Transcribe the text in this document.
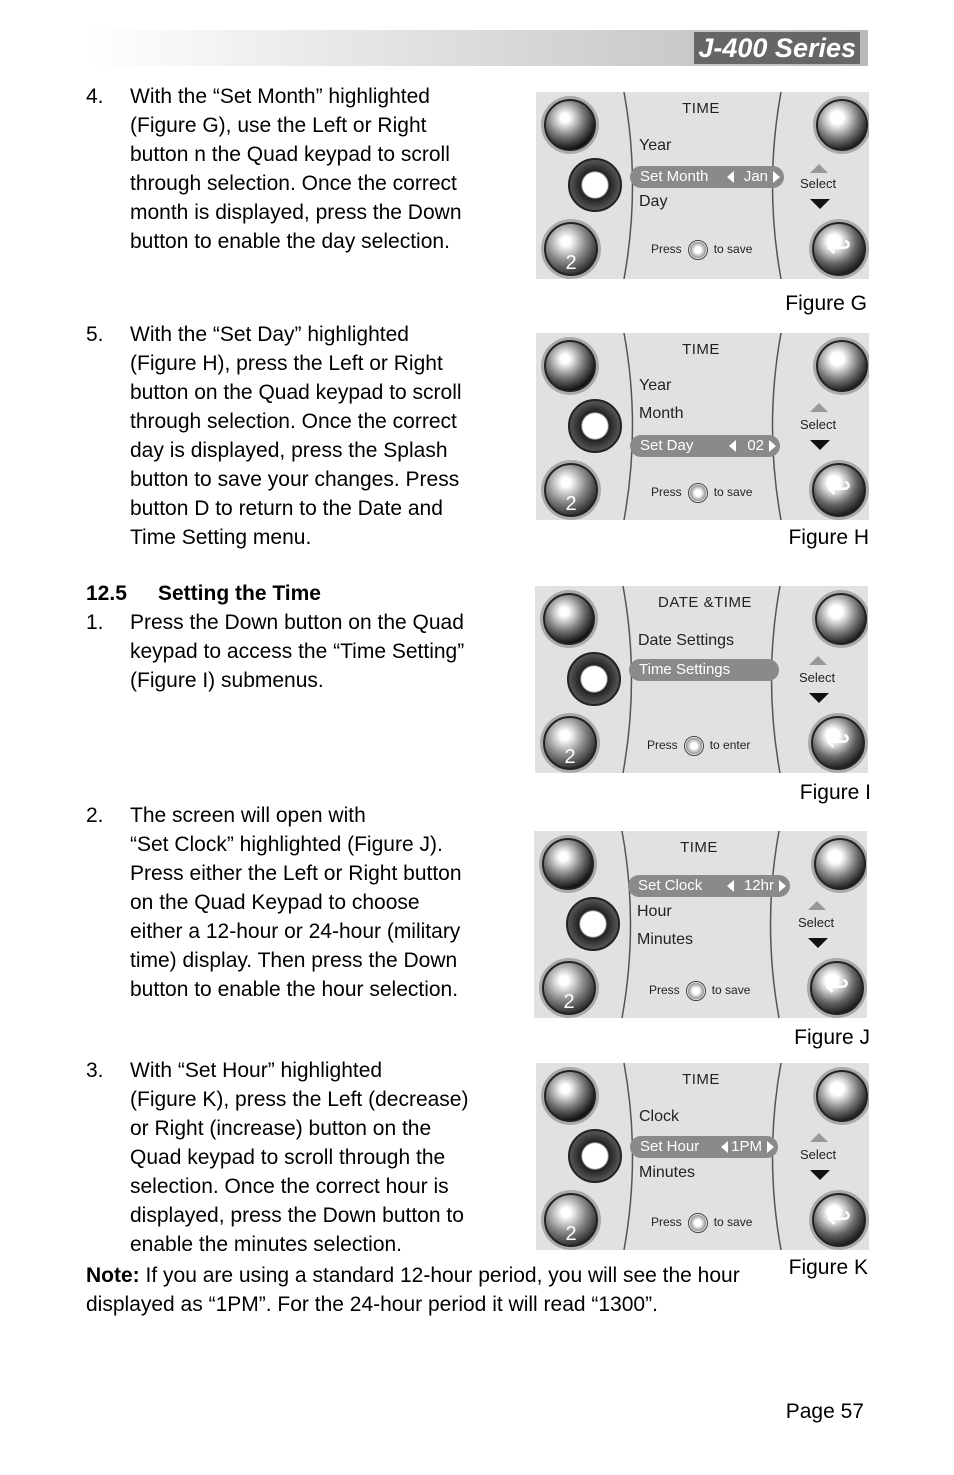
J-400 Series
4.	With the “Set Month” highlighted
(Figure G), use the Left or Right
button n the Quad keypad to scroll
through selection. Once the correct
month is displayed, press the Down
button to enable the day selection.
5.	With the “Set Day” highlighted
(Figure H), press the Left or Right
button on the Quad keypad to scroll
through selection. Once the correct
day is displayed, press the Splash
button to save your changes. Press
button D to return to the Date and
Time Setting menu.
12.5 Setting the Time
1.	Press the Down button on the Quad
keypad to access the “Time Setting”
(Figure I) submenus.
2.	The screen will open with
“Set Clock” highlighted (Figure J).
Press either the Left or Right button
on the Quad Keypad to choose
either a 12-hour or 24-hour (military
time) display. Then press the Down
button to enable the hour selection.
3.	With “Set Hour” highlighted
(Figure K), press the Left (decrease)
or Right (increase) button on the
Quad keypad to scroll through the
selection. Once the correct hour is
displayed, press the Down button to
enable the minutes selection.
Note: If you are using a standard 12-hour period, you will see the hour displayed as “1PM”. For the 24-hour period it will read “1300”.
2	↩
TIME
Year
Set Month Jan
Day
Select
Press	to save
Figure G
2	↩
TIME
Year
Month
Set Day	02
Select
Press	to save
Figure H
2	↩
DATE &TIME
Date Settings
Time Settings	Select
Press	to enter
Figure I
2	↩
TIME
Set Clock	12hr
Hour
Minutes
Select
Press	to save
Figure J
2	↩
TIME
Clock
Set Hour 1PM
Minutes
Select
Press	to save
Figure K
Page 57
